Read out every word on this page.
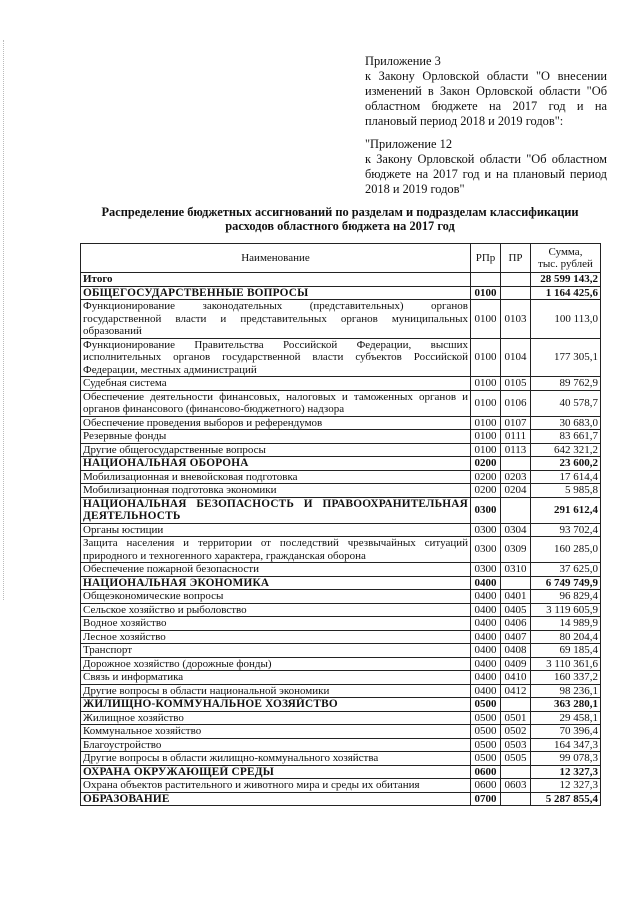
Приложение 3
к Закону Орловской области "О внесении изменений в Закон Орловской области "Об областном бюджете на 2017 год и на плановый период 2018 и 2019 годов":
"Приложение 12
к Закону Орловской области "Об областном бюджете на 2017 год и на плановый период 2018 и 2019 годов"
Распределение бюджетных ассигнований по разделам и подразделам классификации
расходов областного бюджета на 2017 год
Наименование	РПр	ПР	Сумма,
тыс. рублей

Итого			28 599 143,2
ОБЩЕГОСУДАРСТВЕННЫЕ ВОПРОСЫ	0100		1 164 425,6
Функционирование законодательных (представительных) органов государственной власти и представительных органов муниципальных образований	0100	0103	100 113,0
Функционирование Правительства Российской Федерации, высших исполнительных органов государственной власти субъектов Российской Федерации, местных администраций	0100	0104	177 305,1
Судебная система	0100	0105	89 762,9
Обеспечение деятельности финансовых, налоговых и таможенных органов и органов финансового (финансово-бюджетного) надзора	0100	0106	40 578,7
Обеспечение проведения выборов и референдумов	0100	0107	30 683,0
Резервные фонды	0100	0111	83 661,7
Другие общегосударственные вопросы	0100	0113	642 321,2
НАЦИОНАЛЬНАЯ ОБОРОНА	0200		23 600,2
Мобилизационная и вневойсковая подготовка	0200	0203	17 614,4
Мобилизационная подготовка экономики	0200	0204	5 985,8
НАЦИОНАЛЬНАЯ БЕЗОПАСНОСТЬ И ПРАВООХРАНИТЕЛЬНАЯ ДЕЯТЕЛЬНОСТЬ	0300		291 612,4
Органы юстиции	0300	0304	93 702,4
Защита населения и территории от последствий чрезвычайных ситуаций природного и техногенного характера, гражданская оборона	0300	0309	160 285,0
Обеспечение пожарной безопасности	0300	0310	37 625,0
НАЦИОНАЛЬНАЯ ЭКОНОМИКА	0400		6 749 749,9
Общеэкономические вопросы	0400	0401	96 829,4
Сельское хозяйство и рыболовство	0400	0405	3 119 605,9
Водное хозяйство	0400	0406	14 989,9
Лесное хозяйство	0400	0407	80 204,4
Транспорт	0400	0408	69 185,4
Дорожное хозяйство (дорожные фонды)	0400	0409	3 110 361,6
Связь и информатика	0400	0410	160 337,2
Другие вопросы в области национальной экономики	0400	0412	98 236,1
ЖИЛИЩНО-КОММУНАЛЬНОЕ ХОЗЯЙСТВО	0500		363 280,1
Жилищное хозяйство	0500	0501	29 458,1
Коммунальное хозяйство	0500	0502	70 396,4
Благоустройство	0500	0503	164 347,3
Другие вопросы в области жилищно-коммунального хозяйства	0500	0505	99 078,3
ОХРАНА ОКРУЖАЮЩЕЙ СРЕДЫ	0600		12 327,3
Охрана объектов растительного и животного мира и среды их обитания	0600	0603	12 327,3
ОБРАЗОВАНИЕ	0700		5 287 855,4
